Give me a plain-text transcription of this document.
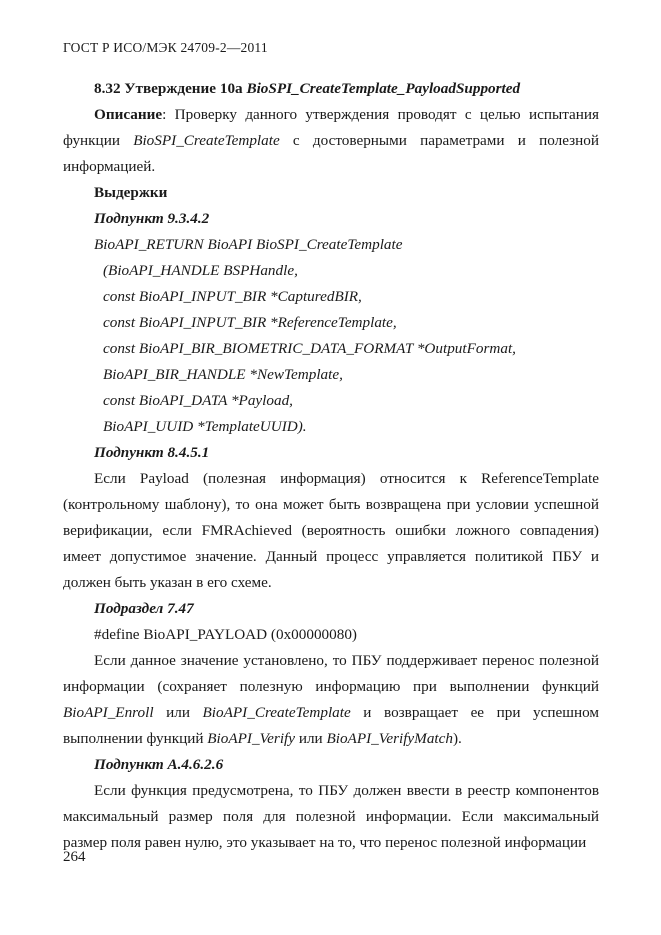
ГОСТ Р ИСО/МЭК 24709-2—2011

8.32 Утверждение 10a BioSPI_CreateTemplate_PayloadSupported

Описание: Проверку данного утверждения проводят с целью испытания функции BioSPI_CreateTemplate с достоверными параметрами и полезной информацией.

Выдержки

Подпункт 9.3.4.2

BioAPI_RETURN BioAPI BioSPI_CreateTemplate

(BioAPI_HANDLE BSPHandle,

const BioAPI_INPUT_BIR *CapturedBIR,

const BioAPI_INPUT_BIR *ReferenceTemplate,

const BioAPI_BIR_BIOMETRIC_DATA_FORMAT *OutputFormat,

BioAPI_BIR_HANDLE *NewTemplate,

const BioAPI_DATA *Payload,

BioAPI_UUID *TemplateUUID).

Подпункт 8.4.5.1

Если Payload (полезная информация) относится к ReferenceTemplate (контрольному шаблону), то она может быть возвращена при условии успешной верификации, если FMRAchieved (вероятность ошибки ложного совпадения) имеет допустимое значение. Данный процесс управляется политикой ПБУ и должен быть указан в его схеме.

Подраздел 7.47

#define BioAPI_PAYLOAD (0x00000080)

Если данное значение установлено, то ПБУ поддерживает перенос полезной информации (сохраняет полезную информацию при выполнении функций BioAPI_Enroll или BioAPI_CreateTemplate и возвращает ее при успешном выполнении функций BioAPI_Verify или BioAPI_VerifyMatch).

Подпункт А.4.6.2.6

Если функция предусмотрена, то ПБУ должен ввести в реестр компонентов максимальный размер поля для полезной информации. Если максимальный размер поля равен нулю, это указывает на то, что перенос полезной информации

264
